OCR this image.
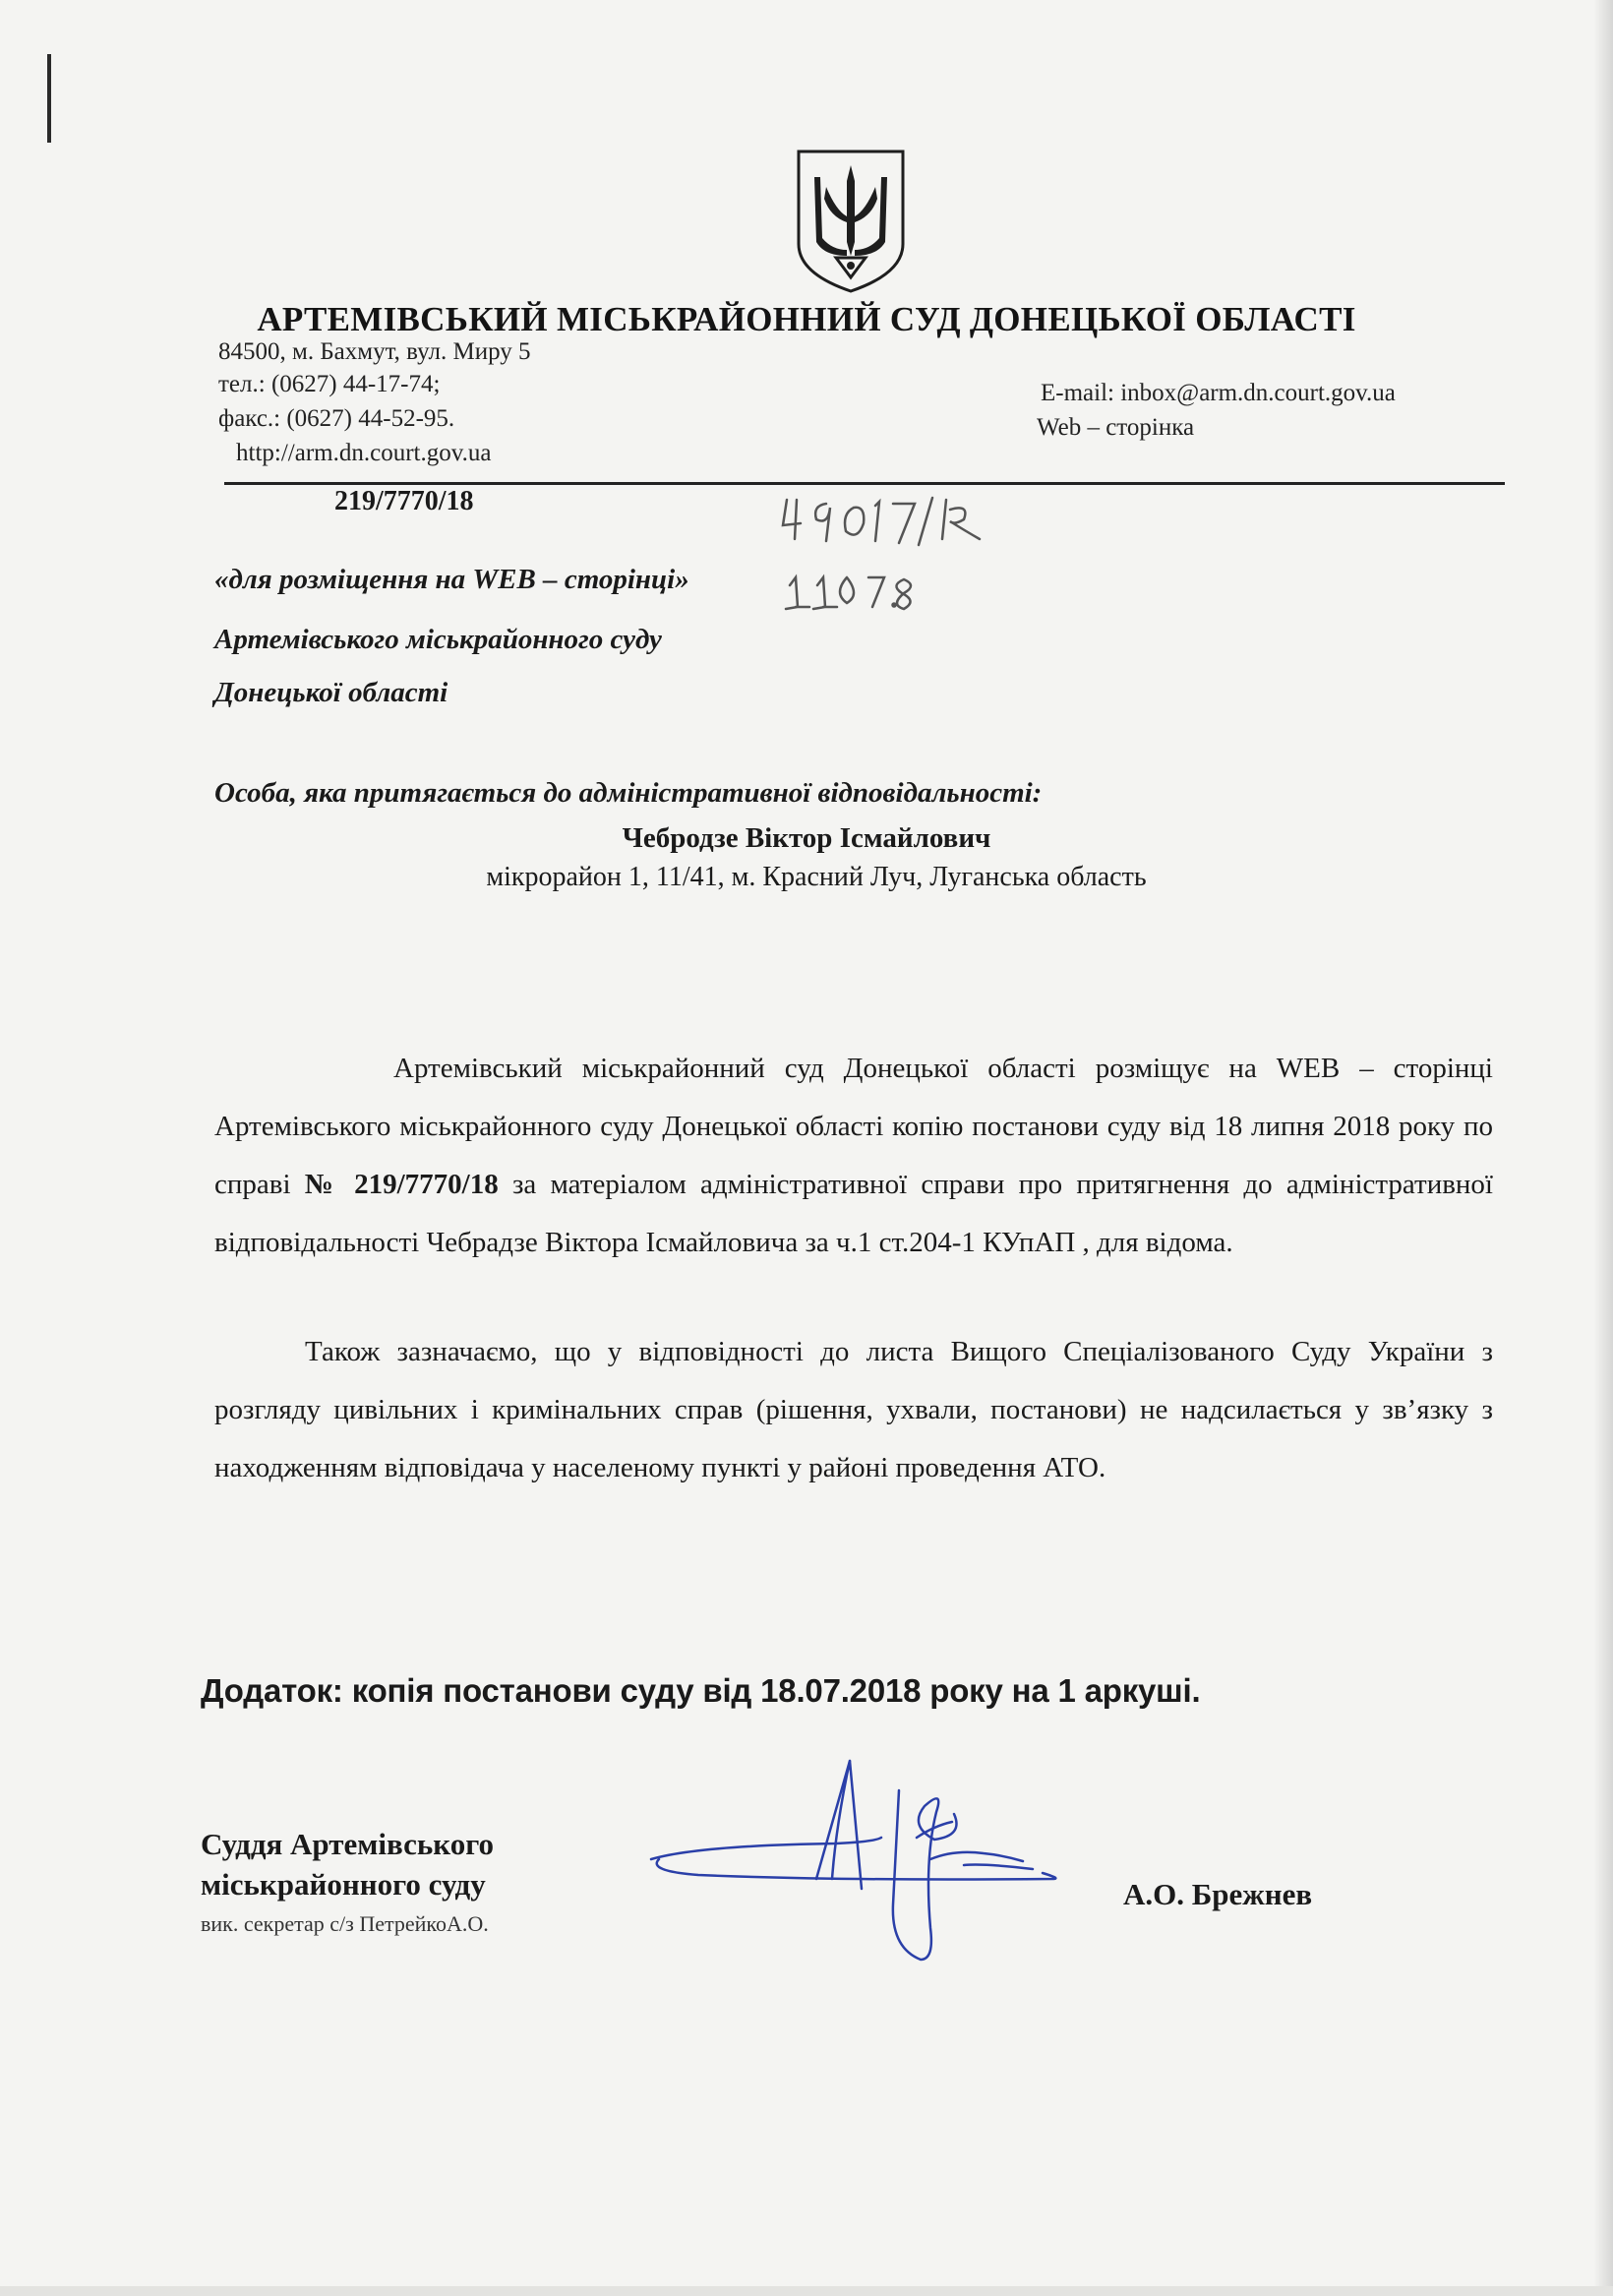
АРТЕМІВСЬКИЙ МІСЬКРАЙОННИЙ СУД ДОНЕЦЬКОЇ ОБЛАСТІ
84500, м. Бахмут, вул. Миру 5
тел.: (0627) 44-17-74;
факс.: (0627) 44-52-95.
http://arm.dn.court.gov.ua
E-mail: inbox@arm.dn.court.gov.ua
Web – сторінка
219/7770/18
«для розміщення на WEB – сторінці»
Артемівського міськрайонного суду
Донецької області
Особа, яка притягається до адміністративної відповідальності:
Чебродзе Віктор Ісмайлович
мікрорайон 1, 11/41, м. Красний Луч, Луганська область
Артемівський міськрайонний суд Донецької області розміщує на WEB – сторінці Артемівського міськрайонного суду Донецької області копію постанови суду від 18 липня 2018 року по справі № 219/7770/18 за матеріалом адміністративної справи про притягнення до адміністративної відповідальності Чебрадзе Віктора Ісмайловича за ч.1 ст.204-1 КУпАП , для відома.
Також зазначаємо, що у відповідності до листа Вищого Спеціалізованого Суду України з розгляду цивільних і кримінальних справ (рішення, ухвали, постанови) не надсилається у зв’язку з находженням відповідача у населеному пункті у районі проведення АТО.
Додаток: копія постанови суду від 18.07.2018 року на 1 аркуші.
Суддя Артемівського
міськрайонного суду
вик. секретар с/з ПетрейкоА.О.
А.О. Брежнев
